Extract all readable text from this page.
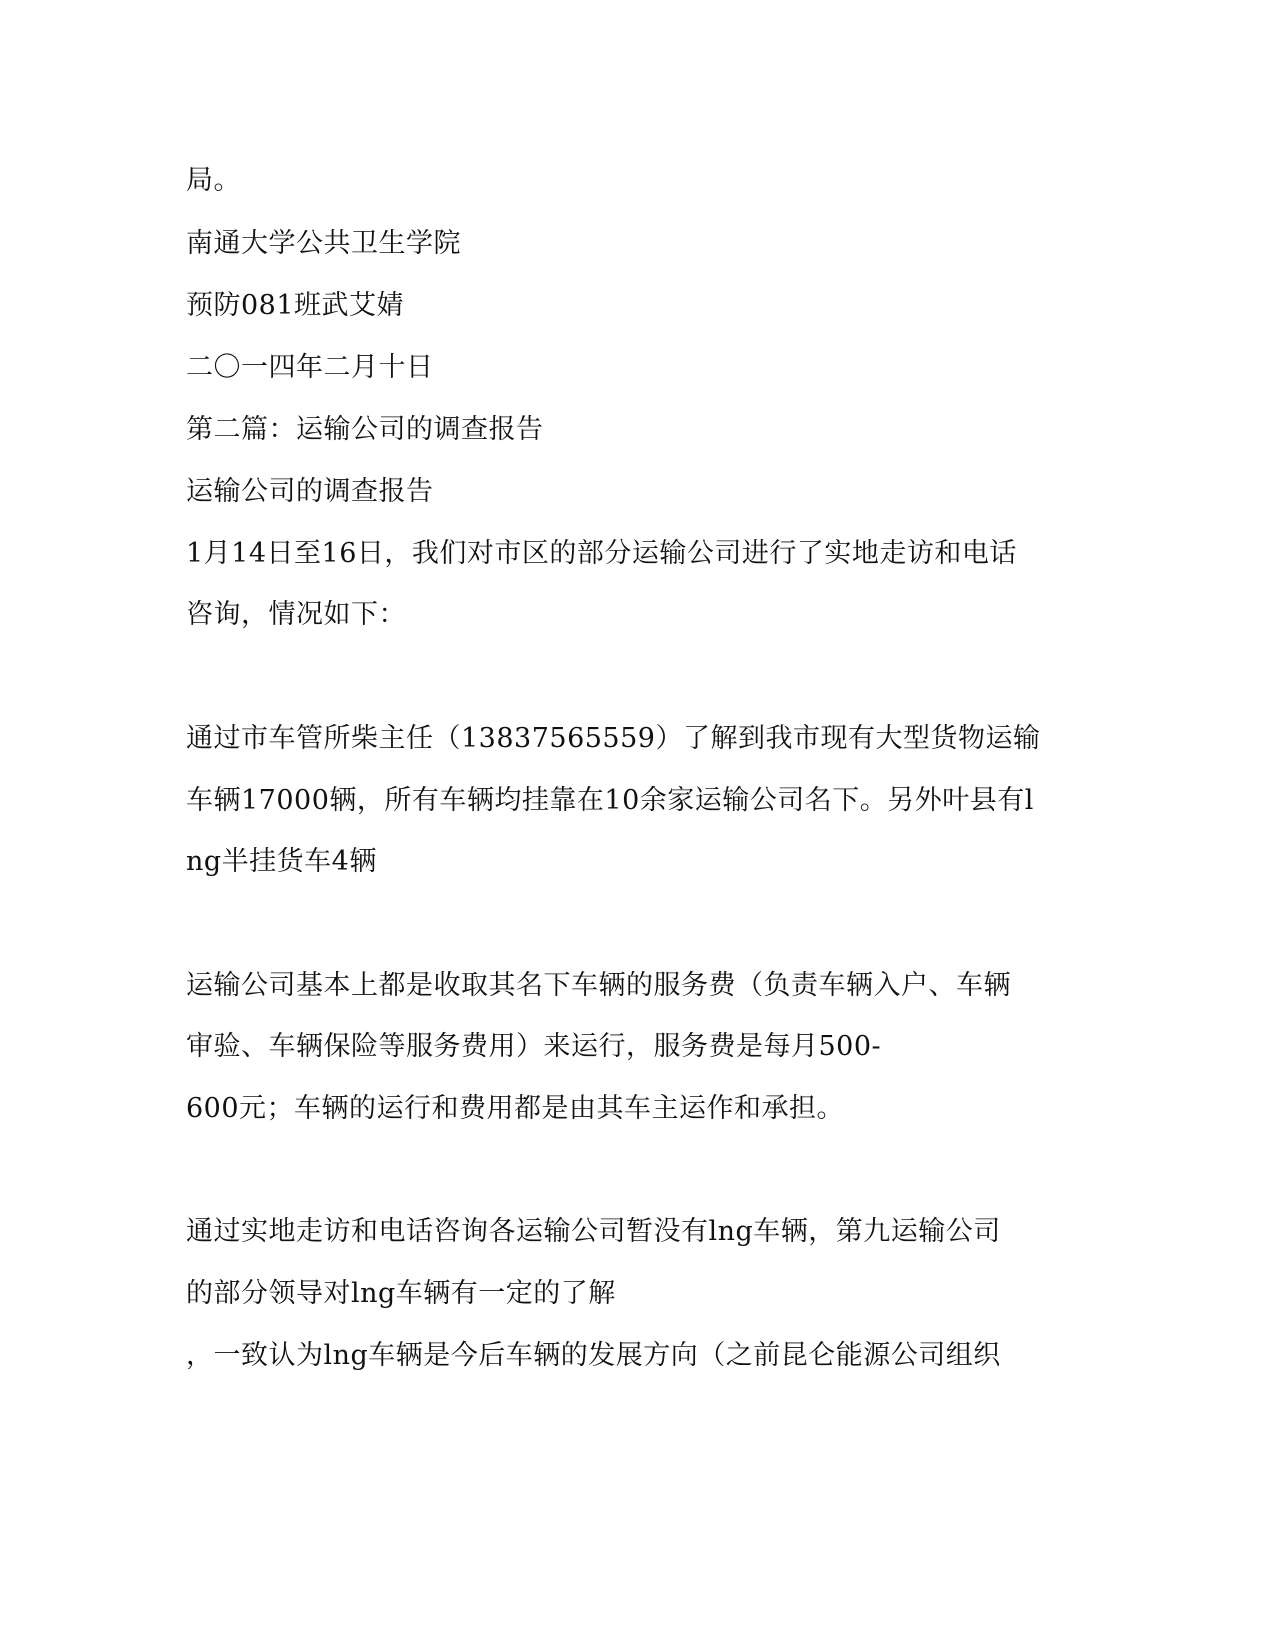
局。
南通大学公共卫生学院
预防081班武艾婧
二〇一四年二月十日
第二篇：运输公司的调查报告
运输公司的调查报告
1月14日至16日，我们对市区的部分运输公司进行了实地走访和电话
咨询，情况如下：
通过市车管所柴主任（13837565559）了解到我市现有大型货物运输
车辆17000辆，所有车辆均挂靠在10余家运输公司名下。另外叶县有l
ng半挂货车4辆
运输公司基本上都是收取其名下车辆的服务费（负责车辆入户、车辆
审验、车辆保险等服务费用）来运行，服务费是每月500-
600元；车辆的运行和费用都是由其车主运作和承担。
通过实地走访和电话咨询各运输公司暂没有lng车辆，第九运输公司
的部分领导对lng车辆有一定的了解
，一致认为lng车辆是今后车辆的发展方向（之前昆仑能源公司组织
